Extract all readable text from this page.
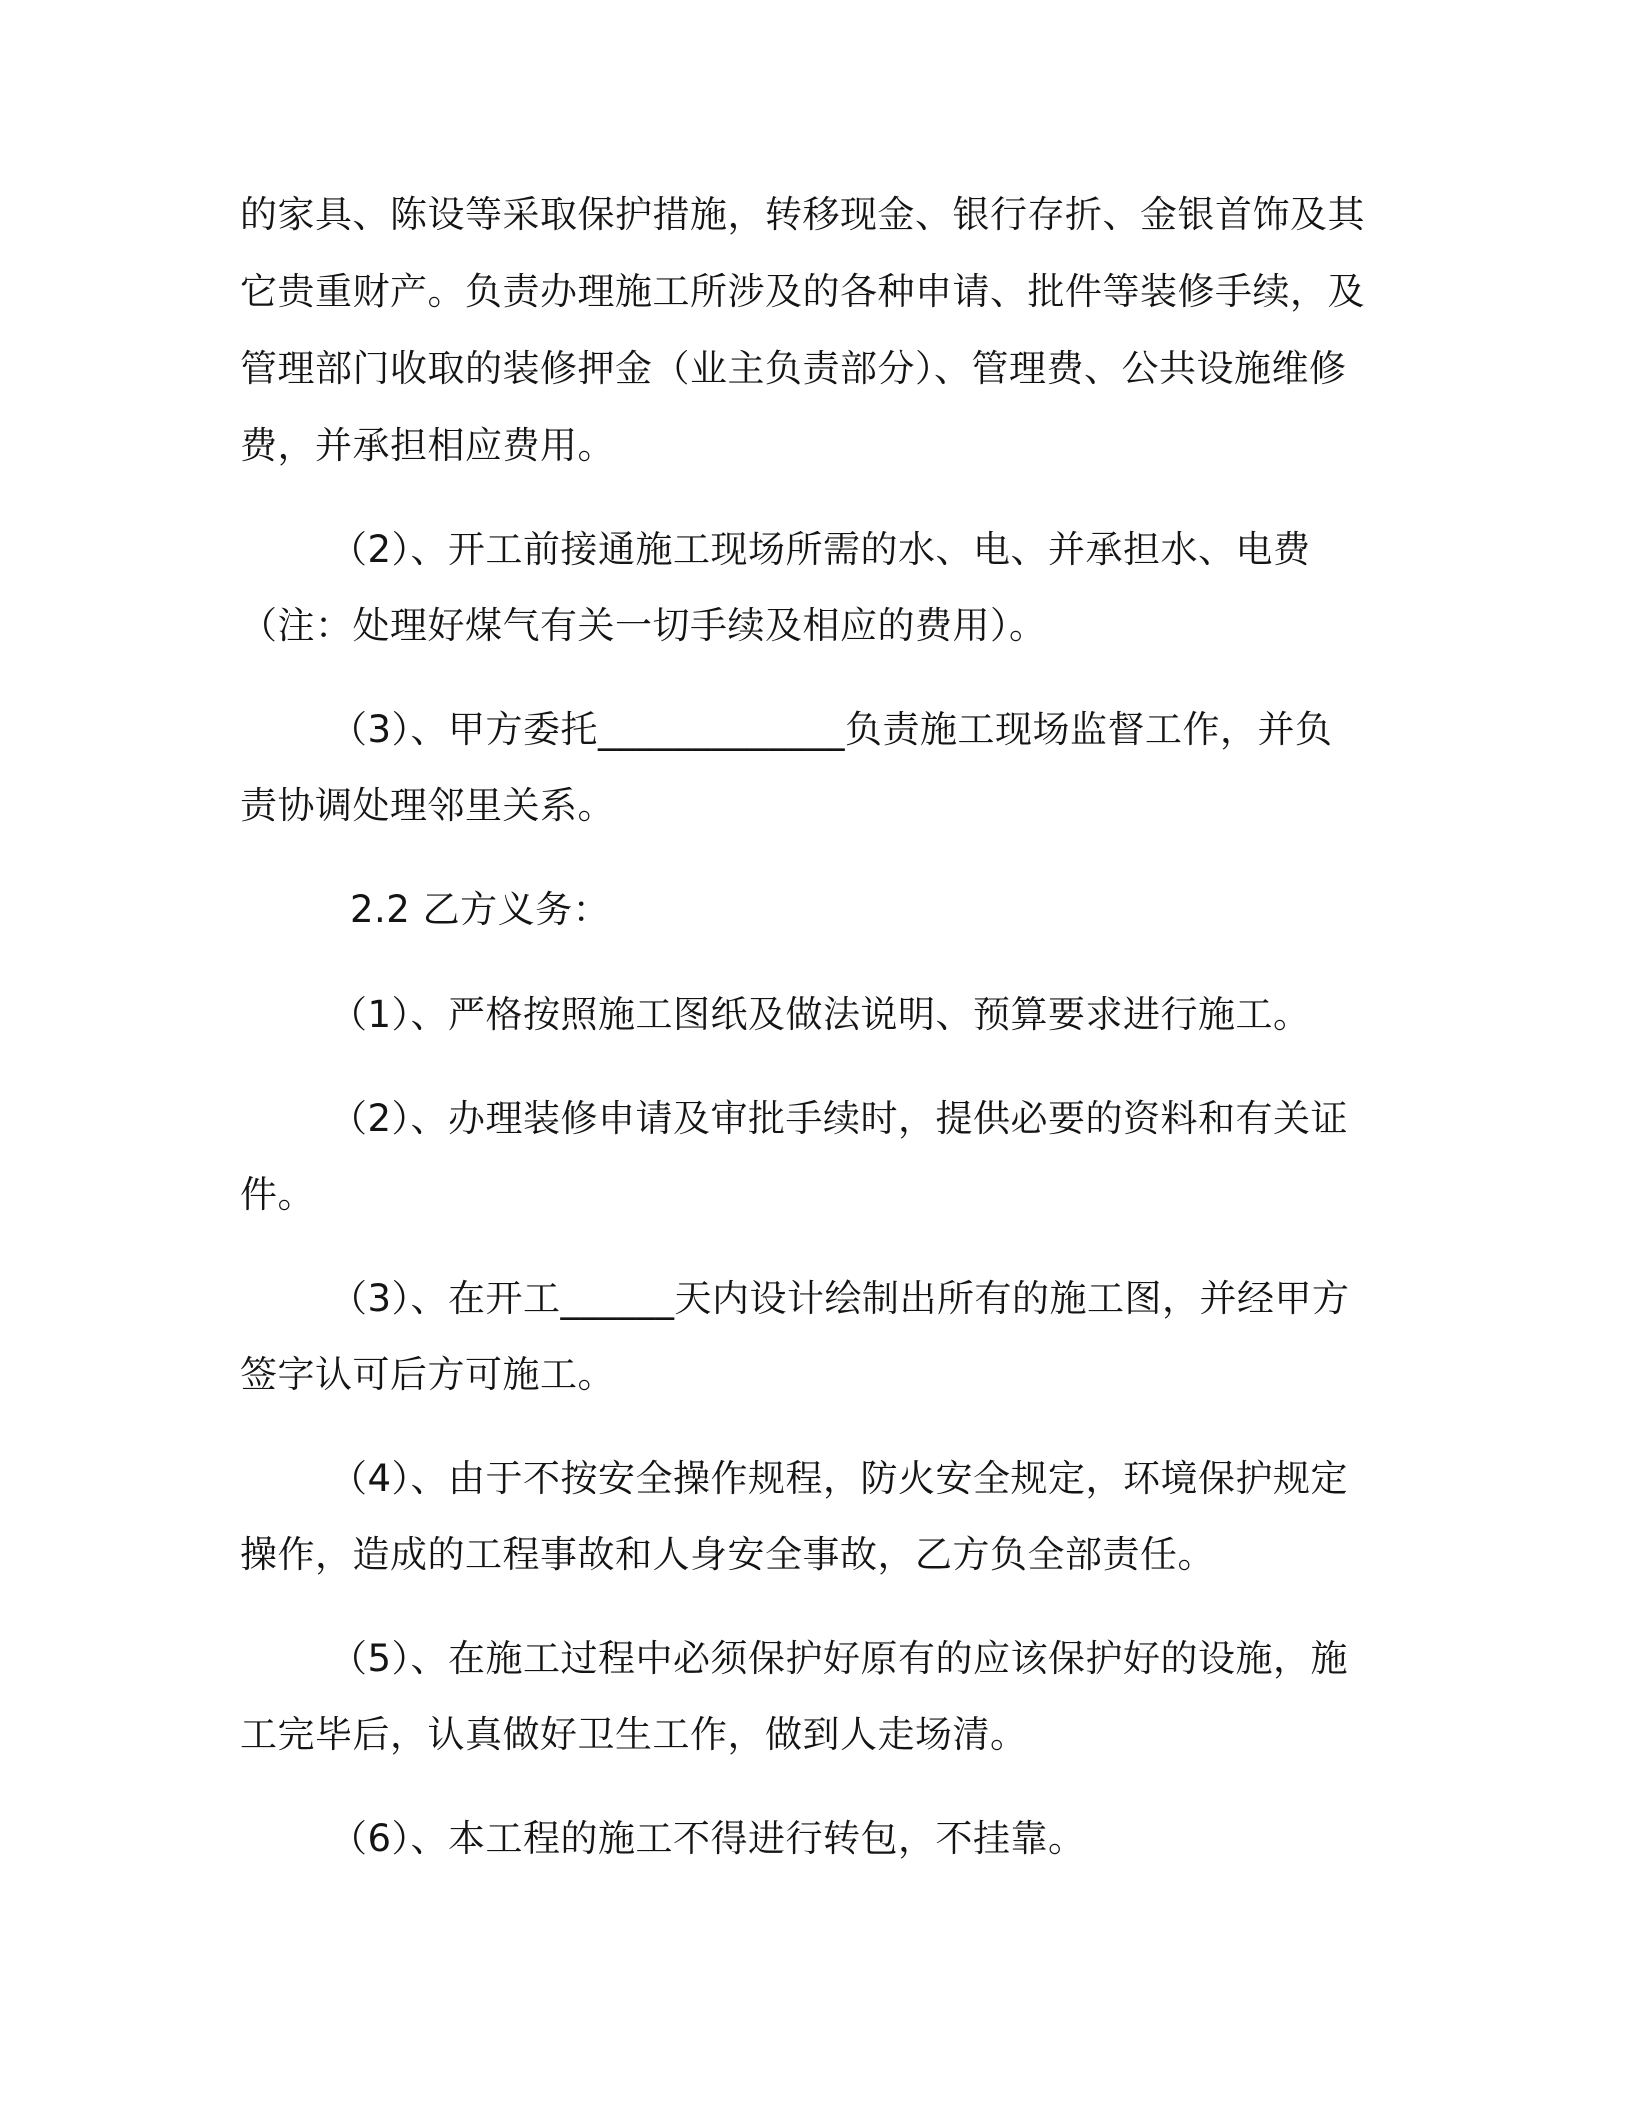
的家具、陈设等采取保护措施，转移现金、银行存折、金银首饰及其
它贵重财产。负责办理施工所涉及的各种申请、批件等装修手续，及
管理部门收取的装修押金（业主负责部分）、管理费、公共设施维修
费，并承担相应费用。
（2）、开工前接通施工现场所需的水、电、并承担水、电费
（注：处理好煤气有关一切手续及相应的费用）。
（3）、甲方委托_____________负责施工现场监督工作，并负
责协调处理邻里关系。
2.2 乙方义务：
（1）、严格按照施工图纸及做法说明、预算要求进行施工。
（2）、办理装修申请及审批手续时，提供必要的资料和有关证
件。
（3）、在开工______天内设计绘制出所有的施工图，并经甲方
签字认可后方可施工。
（4）、由于不按安全操作规程，防火安全规定，环境保护规定
操作，造成的工程事故和人身安全事故，乙方负全部责任。
（5）、在施工过程中必须保护好原有的应该保护好的设施，施
工完毕后，认真做好卫生工作，做到人走场清。
（6）、本工程的施工不得进行转包，不挂靠。
